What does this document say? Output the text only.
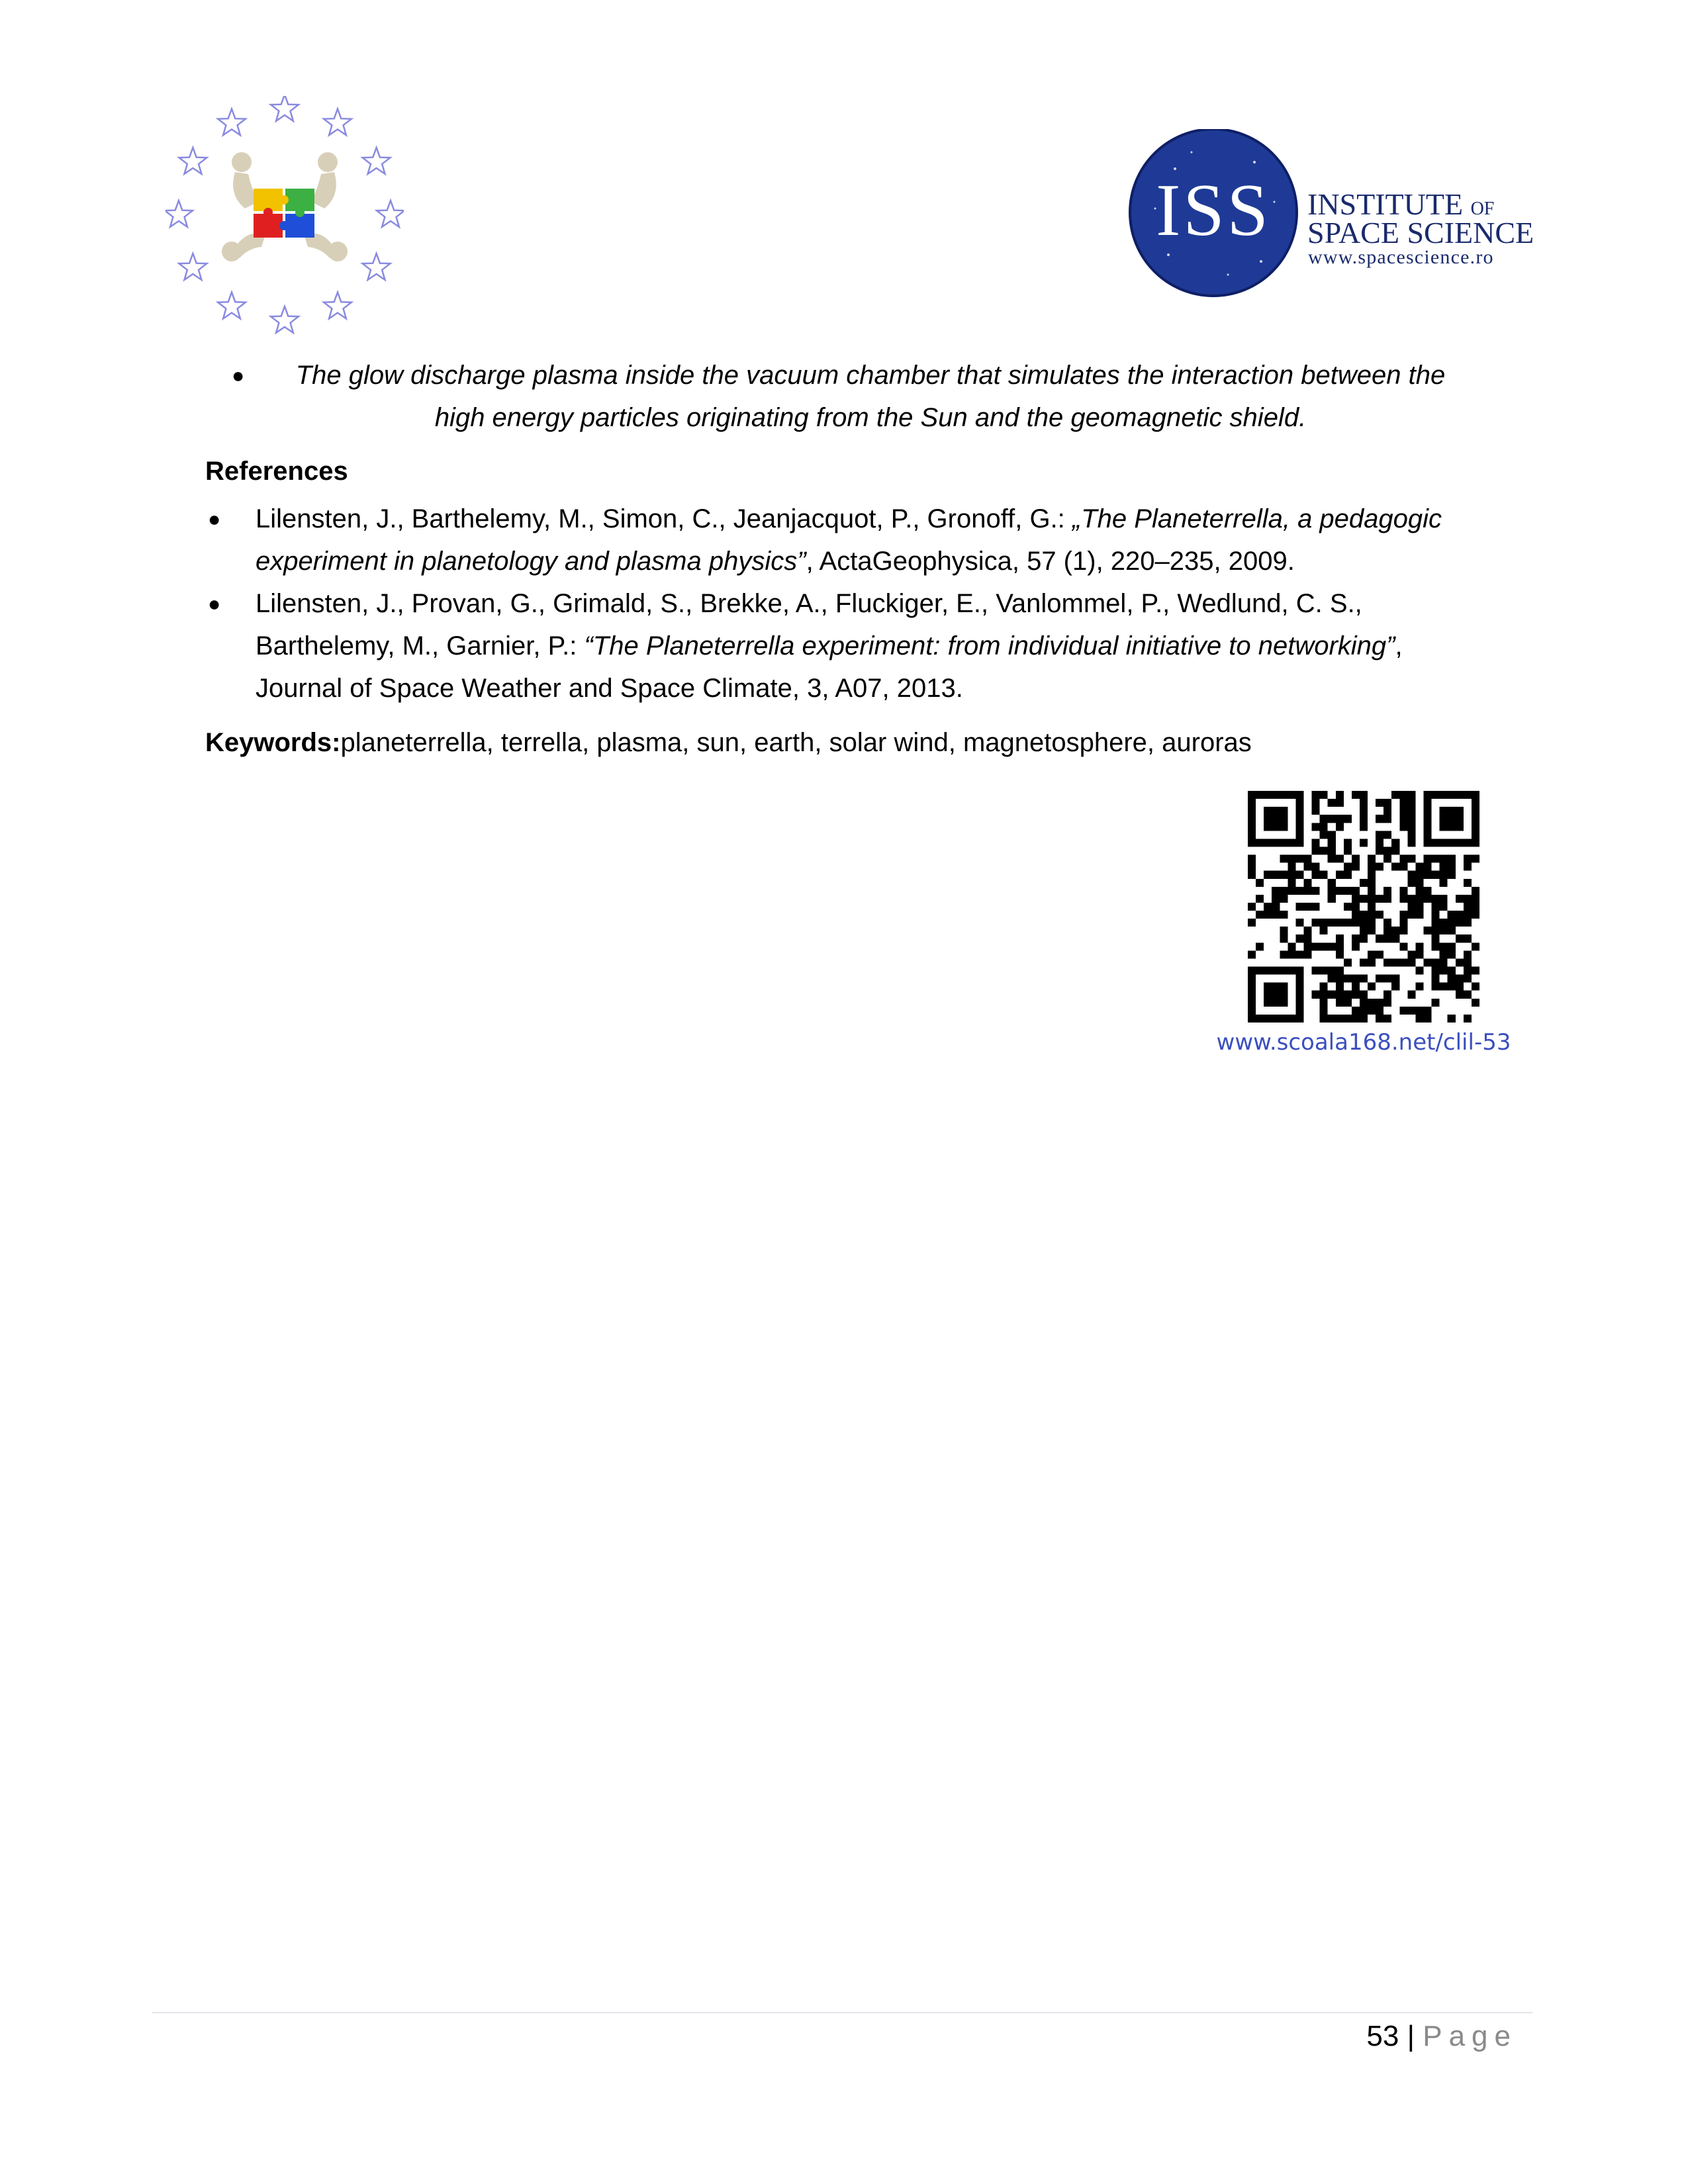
ISS INSTITUTE OF
SPACE SCIENCE
www.spacescience.ro
●	The glow discharge plasma inside the vacuum chamber that simulates the interaction between the
high energy particles originating from the Sun and the geomagnetic shield.
References
● Lilensten, J., Barthelemy, M., Simon, C., Jeanjacquot, P., Gronoff, G.: „The Planeterrella, a pedagogic
experiment in planetology and plasma physics”, ActaGeophysica, 57 (1), 220–235, 2009.
● Lilensten, J., Provan, G., Grimald, S., Brekke, A., Fluckiger, E., Vanlommel, P., Wedlund, C. S.,
Barthelemy, M., Garnier, P.: “The Planeterrella experiment: from individual initiative to networking”,
Journal of Space Weather and Space Climate, 3, A07, 2013.
Keywords:planeterrella, terrella, plasma, sun, earth, solar wind, magnetosphere, auroras
www.scoala168.net/clil-53
53 | Page
